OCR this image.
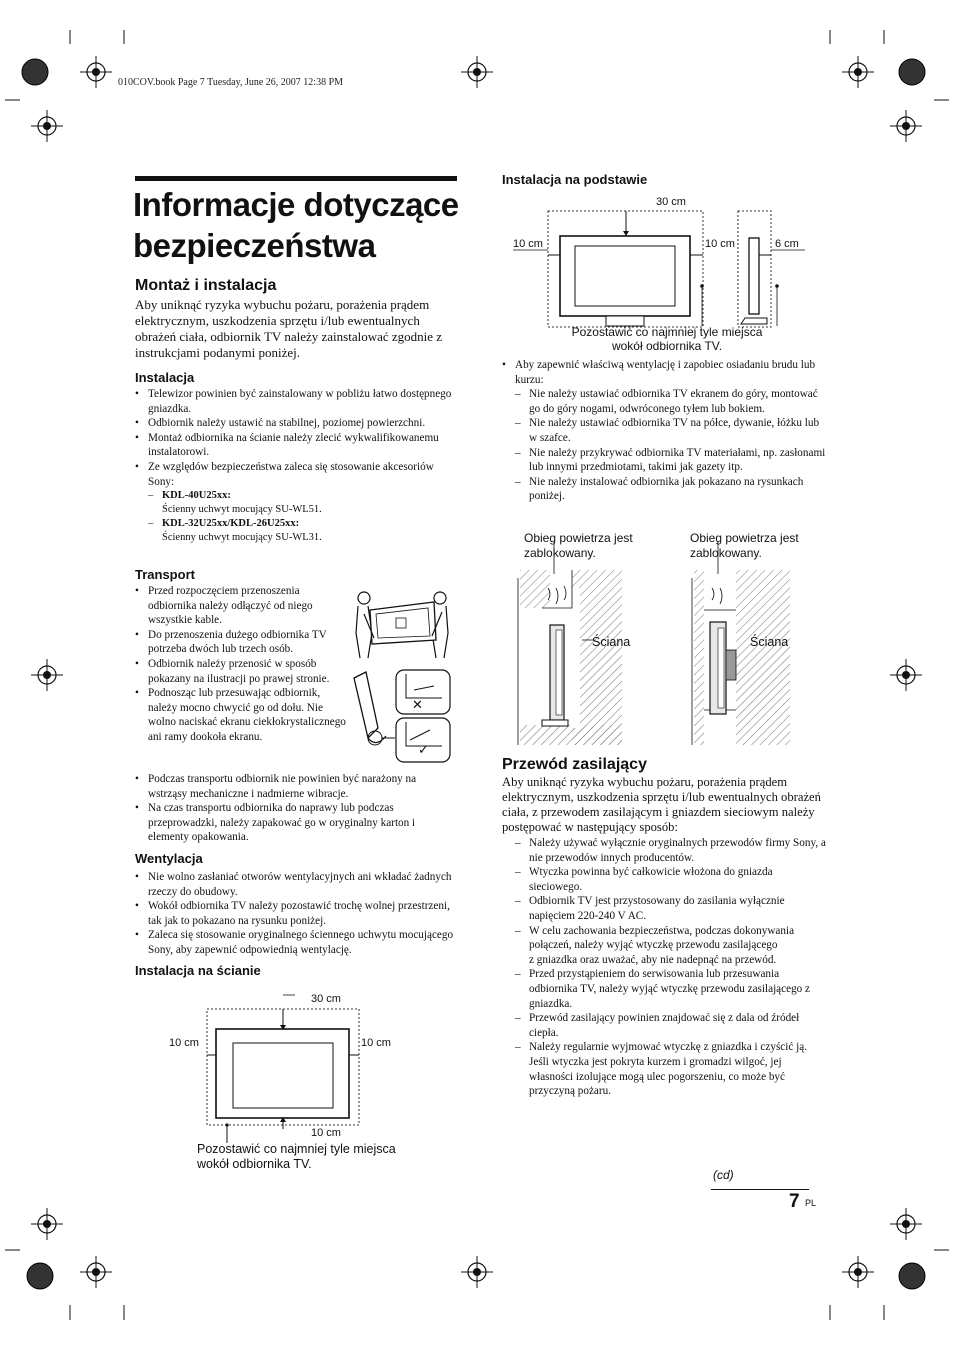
010COV.book Page 7 Tuesday, June 26, 2007 12:38 PM
Informacje dotyczące
bezpieczeństwa
Montaż i instalacja

Aby uniknąć ryzyka wybuchu pożaru, porażenia prądem elektrycznym, uszkodzenia sprzętu i/lub ewentualnych obrażeń ciała, odbiornik TV należy zainstalować zgodnie z instrukcjami podanymi poniżej.

Instalacja
• Telewizor powinien być zainstalowany w pobliżu łatwo dostępnego gniazdka.
• Odbiornik należy ustawić na stabilnej, poziomej powierzchni.
• Montaż odbiornika na ścianie należy zlecić wykwalifikowanemu instalatorowi.
• Ze względów bezpieczeństwa zaleca się stosowanie akcesoriów Sony:
– KDL-40U25xx:
Ścienny uchwyt mocujący SU-WL51.
– KDL-32U25xx/KDL-26U25xx:
Ścienny uchwyt mocujący SU-WL31.
Transport
• Przed rozpoczęciem przenoszenia odbiornika należy odłączyć od niego wszystkie kable.
• Do przenoszenia dużego odbiornika TV potrzeba dwóch lub trzech osób.
• Odbiornik należy przenosić w sposób pokazany na ilustracji po prawej stronie.
• Podnosząc lub przesuwając odbiornik, należy mocno chwycić go od dołu. Nie wolno naciskać ekranu ciekłokrystalicznego ani ramy dookoła ekranu.
• Podczas transportu odbiornik nie powinien być narażony na wstrząsy mechaniczne i nadmierne wibracje.
• Na czas transportu odbiornika do naprawy lub podczas przeprowadzki, należy zapakować go w oryginalny karton i elementy opakowania.
✕
✓
Wentylacja
• Nie wolno zasłaniać otworów wentylacyjnych ani wkładać żadnych rzeczy do obudowy.
• Wokół odbiornika TV należy pozostawić trochę wolnej przestrzeni, tak jak to pokazano na rysunku poniżej.
• Zaleca się stosowanie oryginalnego ściennego uchwytu mocującego Sony, aby zapewnić odpowiednią wentylację.
Instalacja na ścianie
30 cm
10 cm	10 cm
10 cm
Pozostawić co najmniej tyle miejsca wokół odbiornika TV.
Instalacja na podstawie
30 cm
10 cm	10 cm	6 cm
Pozostawić co najmniej tyle miejsca wokół odbiornika TV.
• Aby zapewnić właściwą wentylację i zapobiec osiadaniu brudu lub kurzu:
– Nie należy ustawiać odbiornika TV ekranem do góry, montować go do góry nogami, odwróconego tyłem lub bokiem.
– Nie należy ustawiać odbiornika TV na półce, dywanie, łóżku lub w szafce.
– Nie należy przykrywać odbiornika TV materiałami, np. zasłonami lub innymi przedmiotami, takimi jak gazety itp.
– Nie należy instalować odbiornika jak pokazano na rysunkach poniżej.
Obieg powietrza jest zablokowany.
Obieg powietrza jest zablokowany.
Ściana	Ściana
Przewód zasilający

Aby uniknąć ryzyka wybuchu pożaru, porażenia prądem elektrycznym, uszkodzenia sprzętu i/lub ewentualnych obrażeń ciała, z przewodem zasilającym i gniazdem sieciowym należy postępować w następujący sposób:

– Należy używać wyłącznie oryginalnych przewodów firmy Sony, a nie przewodów innych producentów.
– Wtyczka powinna być całkowicie włożona do gniazda sieciowego.
– Odbiornik TV jest przystosowany do zasilania wyłącznie napięciem 220-240 V AC.
– W celu zachowania bezpieczeństwa, podczas dokonywania połączeń, należy wyjąć wtyczkę przewodu zasilającego
z gniazdka oraz uważać, aby nie nadepnąć na przewód.
– Przed przystąpieniem do serwisowania lub przesuwania odbiornika TV, należy wyjąć wtyczkę przewodu zasilającego z gniazdka.
– Przewód zasilający powinien znajdować się z dala od źródeł ciepła.
– Należy regularnie wyjmować wtyczkę z gniazdka i czyścić ją. Jeśli wtyczka jest pokryta kurzem i gromadzi wilgoć, jej własności izolujące mogą ulec pogorszeniu, co może być przyczyną pożaru.
(cd)
7 PL
